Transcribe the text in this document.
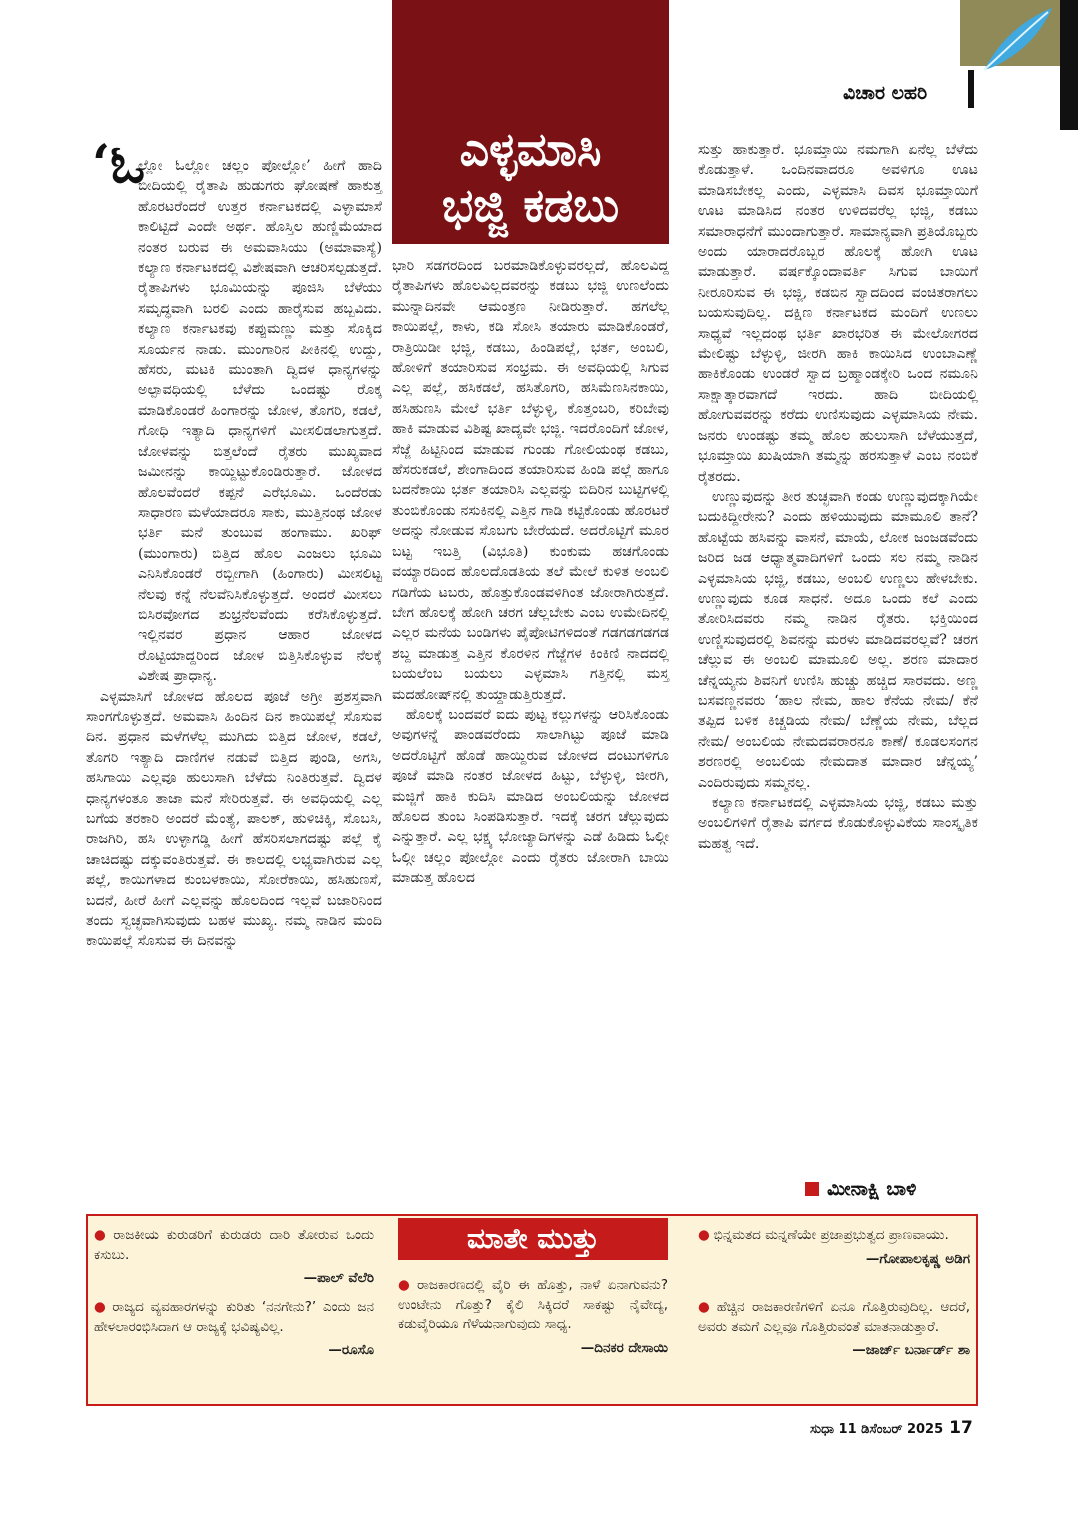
ವಿಚಾರ ಲಹರಿ
ಎಳ್ಳಮಾಸಿ
ಭಜ್ಜಿ ಕಡಬು
‘ಓ

ಲ್ಲೋ ಓಲ್ಲೋ ಚಲ್ಲಂ ಪೋಲ್ಲೋ’ ಹೀಗೆ ಹಾದಿ ಬೀದಿಯಲ್ಲಿ ರೈತಾಪಿ ಹುಡುಗರು ಘೋಷಣೆ ಹಾಕುತ್ತ ಹೊರಟರೆಂದರೆ ಉತ್ತರ ಕರ್ನಾಟಕದಲ್ಲಿ ಎಳ್ಳಾಮಾಸೆ ಕಾಲಿಟ್ಟಿದೆ ಎಂದೇ ಅರ್ಥ. ಹೊಸ್ತಿಲ ಹುಣ್ಣಿಮೆಯಾದ ನಂತರ ಬರುವ ಈ ಅಮವಾಸಿಯು (ಅಮಾವಾಸ್ಯೆ) ಕಲ್ಯಾಣ ಕರ್ನಾಟಕದಲ್ಲಿ ವಿಶೇಷವಾಗಿ ಆಚರಿಸಲ್ಪಡುತ್ತದೆ. ರೈತಾಪಿಗಳು ಭೂಮಿಯನ್ನು ಪೂಜಿಸಿ ಬೆಳೆಯು ಸಮೃದ್ಧವಾಗಿ ಬರಲಿ ಎಂದು ಹಾರೈಸುವ ಹಬ್ಬವಿದು. ಕಲ್ಯಾಣ ಕರ್ನಾಟಕವು ಕಪ್ಪುಮಣ್ಣು ಮತ್ತು ಸೊಕ್ಕಿದ ಸೂರ್ಯನ ನಾಡು. ಮುಂಗಾರಿನ ಪೀಕಿನಲ್ಲಿ ಉದ್ದು, ಹೆಸರು, ಮಟಕಿ ಮುಂತಾಗಿ ದ್ವಿದಳ ಧಾನ್ಯಗಳನ್ನು ಅಲ್ಪಾವಧಿಯಲ್ಲಿ ಬೆಳೆದು ಒಂದಷ್ಟು ರೊಕ್ಕ ಮಾಡಿಕೊಂಡರೆ ಹಿಂಗಾರನ್ನು ಜೋಳ, ತೊಗರಿ, ಕಡಲೆ, ಗೋಧಿ ಇತ್ಯಾದಿ ಧಾನ್ಯಗಳಿಗೆ ಮೀಸಲಿಡಲಾಗುತ್ತದೆ. ಜೋಳವನ್ನು ಬಿತ್ತಲೆಂದೆ ರೈತರು ಮುಖ್ಯವಾದ ಜಮೀನನ್ನು ಕಾಯ್ದಿಟ್ಟುಕೊಂಡಿರುತ್ತಾರೆ. ಜೋಳದ ಹೊಲವೆಂದರೆ ಕಪ್ಪನೆ ಎರೆಭೂಮಿ. ಒಂದೆರಡು ಸಾಧಾರಣ ಮಳೆಯಾದರೂ ಸಾಕು, ಮುತ್ತಿನಂಥ ಜೋಳ ಭರ್ತಿ ಮನೆ ತುಂಬುವ ಹಂಗಾಮು. ಖರಿಫ್ (ಮುಂಗಾರು) ಬಿತ್ತಿದ ಹೊಲ ಎಂಜಲು ಭೂಮಿ ಎನಿಸಿಕೊಂಡರೆ ರಬ್ಬೀಗಾಗಿ (ಹಿಂಗಾರು) ಮೀಸಲಿಟ್ಟ ನೆಲವು ಕನ್ನೆ ನೆಲವೆನಿಸಿಕೊಳ್ಳುತ್ತದೆ. ಅಂದರೆ ಮೀಸಲು ಬಿಸಿರವೋಗದ ಶುಭ್ರನೆಲವೆಂದು ಕರೆಸಿಕೊಳ್ಳುತ್ತದೆ. ಇಲ್ಲಿನವರ ಪ್ರಧಾನ ಆಹಾರ ಜೋಳದ ರೊಟ್ಟಿಯಾದ್ದರಿಂದ ಜೋಳ ಬಿತ್ತಿಸಿಕೊಳ್ಳುವ ನೆಲಕ್ಕೆ ವಿಶೇಷ ಪ್ರಾಧಾನ್ಯ.

ಎಳ್ಳಮಾಸಿಗೆ ಜೋಳದ ಹೊಲದ ಪೂಜೆ ಅಗ್ರೀ ಪ್ರಶಸ್ತವಾಗಿ ಸಾಂಗಗೊಳ್ಳುತ್ತದೆ. ಅಮವಾಸಿ ಹಿಂದಿನ ದಿನ ಕಾಯಿಪಲ್ಲೆ ಸೊಸುವ ದಿನ. ಪ್ರಧಾನ ಮಳೆಗಳೆಲ್ಲ ಮುಗಿದು ಬಿತ್ತಿದ ಜೋಳ, ಕಡಲೆ, ತೊಗರಿ ಇತ್ಯಾದಿ ದಾಣಿಗಳ ನಡುವೆ ಬಿತ್ತಿದ ಪುಂಡಿ, ಅಗಸಿ, ಹಸಿಗಾಯಿ ಎಲ್ಲವೂ ಹುಲುಸಾಗಿ ಬೆಳೆದು ನಿಂತಿರುತ್ತವೆ. ದ್ವಿದಳ ಧಾನ್ಯಗಳಂತೂ ತಾಜಾ ಮನೆ ಸೇರಿರುತ್ತವೆ. ಈ ಅವಧಿಯಲ್ಲಿ ಎಲ್ಲ ಬಗೆಯ ತರಕಾರಿ ಅಂದರೆ ಮೆಂತ್ಯೆ, ಪಾಲಕ್, ಹುಳಿಚಿಕ್ಕಿ, ಸೊಬಸಿ, ರಾಜಗಿರಿ, ಹಸಿ ಉಳ್ಳಾಗಡ್ಡಿ ಹೀಗೆ ಹೆಸರಿಸಲಾಗದಷ್ಟು ಪಲ್ಲೆ ಕೈ ಚಾಚಿದಷ್ಟು ದಕ್ಕುವಂತಿರುತ್ತವೆ. ಈ ಕಾಲದಲ್ಲಿ ಲಭ್ಯವಾಗಿರುವ ಎಲ್ಲ ಪಲ್ಲೆ, ಕಾಯಿಗಳಾದ ಕುಂಬಳಕಾಯಿ, ಸೋರೆಕಾಯಿ, ಹಸಿಹುಣಸೆ, ಬದನೆ, ಹೀರೆ ಹೀಗೆ ಎಲ್ಲವನ್ನು ಹೊಲದಿಂದ ಇಲ್ಲವೆ ಬಜಾರಿನಿಂದ ತಂದು ಸ್ವಚ್ಛವಾಗಿಸುವುದು ಬಹಳ ಮುಖ್ಯ. ನಮ್ಮ ನಾಡಿನ ಮಂದಿ ಕಾಯಿಪಲ್ಲೆ ಸೊಸುವ ಈ ದಿನವನ್ನು

ಭಾರಿ ಸಡಗರದಿಂದ ಬರಮಾಡಿಕೊಳ್ಳುವರಲ್ಲದೆ, ಹೊಲವಿದ್ದ ರೈತಾಪಿಗಳು ಹೊಲವಿಲ್ಲದವರನ್ನು ಕಡಬು ಭಜ್ಜಿ ಉಣಲೆಂದು ಮುನ್ನಾದಿನವೇ ಆಮಂತ್ರಣ ನೀಡಿರುತ್ತಾರೆ. ಹಗಲೆಲ್ಲ ಕಾಯಿಪಲ್ಲೆ, ಕಾಳು, ಕಡಿ ಸೋಸಿ ತಯಾರು ಮಾಡಿಕೊಂಡರೆ, ರಾತ್ರಿಯಿಡೀ ಭಜ್ಜಿ, ಕಡಬು, ಹಿಂಡಿಪಲ್ಲೆ, ಭರ್ತ, ಅಂಬಲಿ, ಹೋಳಿಗೆ ತಯಾರಿಸುವ ಸಂಭ್ರಮ. ಈ ಅವಧಿಯಲ್ಲಿ ಸಿಗುವ ಎಲ್ಲ ಪಲ್ಲೆ, ಹಸಿಕಡಲೆ, ಹಸಿತೊಗರಿ, ಹಸಿಮೆಣಸಿನಕಾಯಿ, ಹಸಿಹುಣಸಿ ಮೇಲೆ ಭರ್ತಿ ಬೆಳ್ಳುಳ್ಳಿ, ಕೊತ್ತಂಬರಿ, ಕರಿಬೇವು ಹಾಕಿ ಮಾಡುವ ವಿಶಿಷ್ಟ ಖಾದ್ಯವೇ ಭಜ್ಜಿ. ಇದರೊಂದಿಗೆ ಜೋಳ, ಸೆಜ್ಜೆ ಹಿಟ್ಟಿನಿಂದ ಮಾಡುವ ಗುಂಡು ಗೋಲಿಯಂಥ ಕಡಬು, ಹೆಸರುಕಡಲೆ, ಶೇಂಗಾದಿಂದ ತಯಾರಿಸುವ ಹಿಂಡಿ ಪಲ್ಲೆ ಹಾಗೂ ಬದನೆಕಾಯಿ ಭರ್ತ ತಯಾರಿಸಿ ಎಲ್ಲವನ್ನು ಬಿದಿರಿನ ಬುಟ್ಟಿಗಳಲ್ಲಿ ತುಂಬಿಕೊಂಡು ನಸುಕಿನಲ್ಲಿ ಎತ್ತಿನ ಗಾಡಿ ಕಟ್ಟಿಕೊಂಡು ಹೊರಟರೆ ಅದನ್ನು ನೋಡುವ ಸೊಬಗು ಬೇರೆಯದೆ. ಅದರೊಟ್ಟಿಗೆ ಮೂರ ಬಟ್ಟ ಇಬತ್ತಿ (ವಿಭೂತಿ) ಕುಂಕುಮ ಹಚಗೊಂಡು ವಯ್ಯಾರದಿಂದ ಹೊಲದೊಡತಿಯ ತಲೆ ಮೇಲೆ ಕುಳಿತ ಅಂಬಲಿ ಗಡಿಗೆಯ ಟಬರು, ಹೊತ್ತುಕೊಂಡವಳಿಗಿಂತ ಜೋರಾಗಿರುತ್ತದೆ. ಬೇಗ ಹೊಲಕ್ಕೆ ಹೋಗಿ ಚರಗ ಚೆಲ್ಲಬೇಕು ಎಂಬ ಉಮೇದಿನಲ್ಲಿ ಎಲ್ಲರ ಮನೆಯ ಬಂಡಿಗಳು ಪೈಪೋಟಿಗಳಿದಂತೆ ಗಡಗಡಗಡಗಡ ಶಬ್ದ ಮಾಡುತ್ತ ಎತ್ತಿನ ಕೊರಳಿನ ಗೆಜ್ಜೆಗಳ ಕಿಂಕಿಣಿ ನಾದದಲ್ಲಿ ಬಯಲೆಂಬ ಬಯಲು ಎಳ್ಳಮಾಸಿ ಗತ್ತಿನಲ್ಲಿ ಮಸ್ತ ಮದಹೋಷ್‌ನಲ್ಲಿ ತುಯ್ದಾಡುತ್ತಿರುತ್ತದೆ.

ಹೊಲಕ್ಕೆ ಬಂದವರೆ ಐದು ಪುಟ್ಟ ಕಲ್ಲುಗಳನ್ನು ಆರಿಸಿಕೊಂಡು ಅವುಗಳನ್ನೆ ಪಾಂಡವರೆಂದು ಸಾಲಾಗಿಟ್ಟು ಪೂಜೆ ಮಾಡಿ ಅದರೊಟ್ಟಿಗೆ ಹೊಡೆ ಹಾಯ್ದಿರುವ ಜೋಳದ ದಂಟುಗಳಿಗೂ ಪೂಜೆ ಮಾಡಿ ನಂತರ ಜೋಳದ ಹಿಟ್ಟು, ಬೆಳ್ಳುಳ್ಳಿ, ಜೀರಗಿ, ಮಜ್ಜಿಗೆ ಹಾಕಿ ಕುದಿಸಿ ಮಾಡಿದ ಅಂಬಲಿಯನ್ನು ಜೋಳದ ಹೊಲದ ತುಂಬ ಸಿಂಪಡಿಸುತ್ತಾರೆ. ಇದಕ್ಕೆ ಚರಗ ಚೆಲ್ಲುವುದು ಎನ್ನುತ್ತಾರೆ. ಎಲ್ಲ ಭಕ್ಷ್ಯ ಭೋಜ್ಯಾದಿಗಳನ್ನು ಎಡೆ ಹಿಡಿದು ಓಲ್ಗೀ ಓಲ್ಗೀ ಚಲ್ಲಂ ಪೋಲ್ಗೋ ಎಂದು ರೈತರು ಜೋರಾಗಿ ಬಾಯಿ ಮಾಡುತ್ತ ಹೊಲದ

ಸುತ್ತು ಹಾಕುತ್ತಾರೆ. ಭೂಮ್ತಾಯಿ ನಮಗಾಗಿ ಏನೆಲ್ಲ ಬೆಳೆದು ಕೊಡುತ್ತಾಳೆ. ಒಂದಿನವಾದರೂ ಅವಳಿಗೂ ಊಟ ಮಾಡಿಸಬೇಕಲ್ಲ ಎಂದು, ಎಳ್ಳಮಾಸಿ ದಿವಸ ಭೂಮ್ತಾಯಿಗೆ ಊಟ ಮಾಡಿಸಿದ ನಂತರ ಉಳಿದವರೆಲ್ಲ ಭಜ್ಜಿ, ಕಡಬು ಸಮಾರಾಧನೆಗೆ ಮುಂದಾಗುತ್ತಾರೆ. ಸಾಮಾನ್ಯವಾಗಿ ಪ್ರತಿಯೊಬ್ಬರು ಅಂದು ಯಾರಾದರೊಬ್ಬರ ಹೊಲಕ್ಕೆ ಹೋಗಿ ಊಟ ಮಾಡುತ್ತಾರೆ. ವರ್ಷಕ್ಕೊಂದಾವರ್ತಿ ಸಿಗುವ ಬಾಯಿಗೆ ನೀರೂರಿಸುವ ಈ ಭಜ್ಜಿ, ಕಡಬಿನ ಸ್ವಾದದಿಂದ ವಂಚಿತರಾಗಲು ಬಯಸುವುದಿಲ್ಲ. ದಕ್ಷಿಣ ಕರ್ನಾಟಕದ ಮಂದಿಗೆ ಉಣಲು ಸಾಧ್ಯವೆ ಇಲ್ಲದಂಥ ಭರ್ತಿ ಖಾರಭರಿತ ಈ ಮೇಲೋಗರದ ಮೇಲಿಷ್ಟು ಬೆಳ್ಳುಳ್ಳಿ, ಜೀರಗಿ ಹಾಕಿ ಕಾಯಿಸಿದ ಉಂಬಾಎಣ್ಣೆ ಹಾಕಿಕೊಂಡು ಉಂಡರೆ ಸ್ವಾದ ಬ್ರಹ್ಮಾಂಡಕ್ಕೇರಿ ಒಂದ ನಮೂನಿ ಸಾಕ್ಷಾತ್ಕಾರವಾಗದೆ ಇರದು. ಹಾದಿ ಬೀದಿಯಲ್ಲಿ ಹೋಗುವವರನ್ನು ಕರೆದು ಉಣಿಸುವುದು ಎಳ್ಳಮಾಸಿಯ ನೇಮ. ಜನರು ಉಂಡಷ್ಟು ತಮ್ಮ ಹೊಲ ಹುಲುಸಾಗಿ ಬೆಳೆಯುತ್ತದೆ, ಭೂಮ್ತಾಯಿ ಖುಷಿಯಾಗಿ ತಮ್ಮನ್ನು ಹರಸುತ್ತಾಳೆ ಎಂಬ ನಂಬಿಕೆ ರೈತರದು.

ಉಣ್ಣುವುದನ್ನು ತೀರ ತುಚ್ಛವಾಗಿ ಕಂಡು ಉಣ್ಣುವುದಕ್ಕಾಗಿಯೇ ಬದುಕಿದ್ದೀರೇನು? ಎಂದು ಹಳಿಯುವುದು ಮಾಮೂಲಿ ತಾನೆ? ಹೊಟ್ಟೆಯ ಹಸಿವನ್ನು ವಾಸನೆ, ಮಾಯೆ, ಲೋಕ ಜಂಜಡವೆಂದು ಜರಿದ ಜಡ ಆಧ್ಯಾತ್ಮವಾದಿಗಳಿಗೆ ಒಂದು ಸಲ ನಮ್ಮ ನಾಡಿನ ಎಳ್ಳಮಾಸಿಯ ಭಜ್ಜಿ, ಕಡಬು, ಅಂಬಲಿ ಉಣ್ಣಲು ಹೇಳಬೇಕು. ಉಣ್ಣುವುದು ಕೂಡ ಸಾಧನೆ. ಅದೂ ಒಂದು ಕಲೆ ಎಂದು ತೋರಿಸಿದವರು ನಮ್ಮ ನಾಡಿನ ರೈತರು. ಭಕ್ತಿಯಿಂದ ಉಣ್ಣಿಸುವುದರಲ್ಲಿ ಶಿವನನ್ನು ಮರಳು ಮಾಡಿದವರಲ್ಲವೆ? ಚರಗ ಚೆಲ್ಲುವ ಈ ಅಂಬಲಿ ಮಾಮೂಲಿ ಅಲ್ಲ. ಶರಣ ಮಾದಾರ ಚೆನ್ನಯ್ಯನು ಶಿವನಿಗೆ ಉಣಿಸಿ ಹುಚ್ಚು ಹಚ್ಚಿದ ಸಾರವದು. ಅಣ್ಣ ಬಸವಣ್ಣನವರು ‘ಹಾಲ ನೇಮ, ಹಾಲ ಕೆನೆಯ ನೇಮ/ ಕೆನೆ ತಪ್ಪಿದ ಬಳಿಕ ಕಿಚ್ಚಡಿಯ ನೇಮ/ ಬೆಣ್ಣೆಯ ನೇಮ, ಬೆಲ್ಲದ ನೇಮ/ ಅಂಬಲಿಯ ನೇಮದವರಾರನೂ ಕಾಣೆ/ ಕೂಡಲಸಂಗನ ಶರಣರಲ್ಲಿ ಅಂಬಲಿಯ ನೇಮದಾತ ಮಾದಾರ ಚೆನ್ನಯ್ಯ’ ಎಂದಿರುವುದು ಸಮ್ಮನಲ್ಲ.

ಕಲ್ಯಾಣ ಕರ್ನಾಟಕದಲ್ಲಿ ಎಳ್ಳಮಾಸಿಯ ಭಜ್ಜಿ, ಕಡಬು ಮತ್ತು ಅಂಬಲಿಗಳಿಗೆ ರೈತಾಪಿ ವರ್ಗದ ಕೊಡುಕೊಳ್ಳುವಿಕೆಯ ಸಾಂಸ್ಕೃತಿಕ ಮಹತ್ವ ಇದೆ.

ಮೀನಾಕ್ಷಿ ಬಾಳಿ
ಮಾತೇ ಮುತ್ತು
● ರಾಜಕೀಯ ಕುರುಡರಿಗೆ ಕುರುಡರು ದಾರಿ ತೋರುವ ಒಂದು ಕಸುಬು.
—ಪಾಲ್ ವೆಲೆರಿ
● ರಾಜ್ಯದ ವ್ಯವಹಾರಗಳನ್ನು ಕುರಿತು ‘ನನಗೇನು?’ ಎಂದು ಜನ ಹೇಳಲಾರಂಭಿಸಿದಾಗ ಆ ರಾಜ್ಯಕ್ಕೆ ಭವಿಷ್ಯವಿಲ್ಲ.
—ರೂಸೊ
● ರಾಜಕಾರಣದಲ್ಲಿ ವೈರಿ ಈ ಹೊತ್ತು, ನಾಳೆ ಏನಾಗುವನು? ಉಂಟೇನು ಗೊತ್ತು? ಕೈಲಿ ಸಿಕ್ಕಿದರೆ ಸಾಕಷ್ಟು ನೈವೇದ್ಯ, ಕಡುವೈರಿಯೂ ಗೆಳೆಯನಾಗುವುದು ಸಾಧ್ಯ.
—ದಿನಕರ ದೇಸಾಯಿ
● ಭಿನ್ನಮತದ ಮನ್ನಣೆಯೇ ಪ್ರಜಾಪ್ರಭುತ್ವದ ಪ್ರಾಣವಾಯು.
—ಗೋಪಾಲಕೃಷ್ಣ ಅಡಿಗ
● ಹೆಚ್ಚಿನ ರಾಜಕಾರಣಿಗಳಿಗೆ ಏನೂ ಗೊತ್ತಿರುವುದಿಲ್ಲ. ಆದರೆ, ಅವರು ತಮಗೆ ಎಲ್ಲವೂ ಗೊತ್ತಿರುವಂತೆ ಮಾತನಾಡುತ್ತಾರೆ.
—ಜಾರ್ಜ್ ಬರ್ನಾರ್ಡ್ ಶಾ
ಸುಧಾ 11 ಡಿಸೆಂಬರ್ 2025 17
